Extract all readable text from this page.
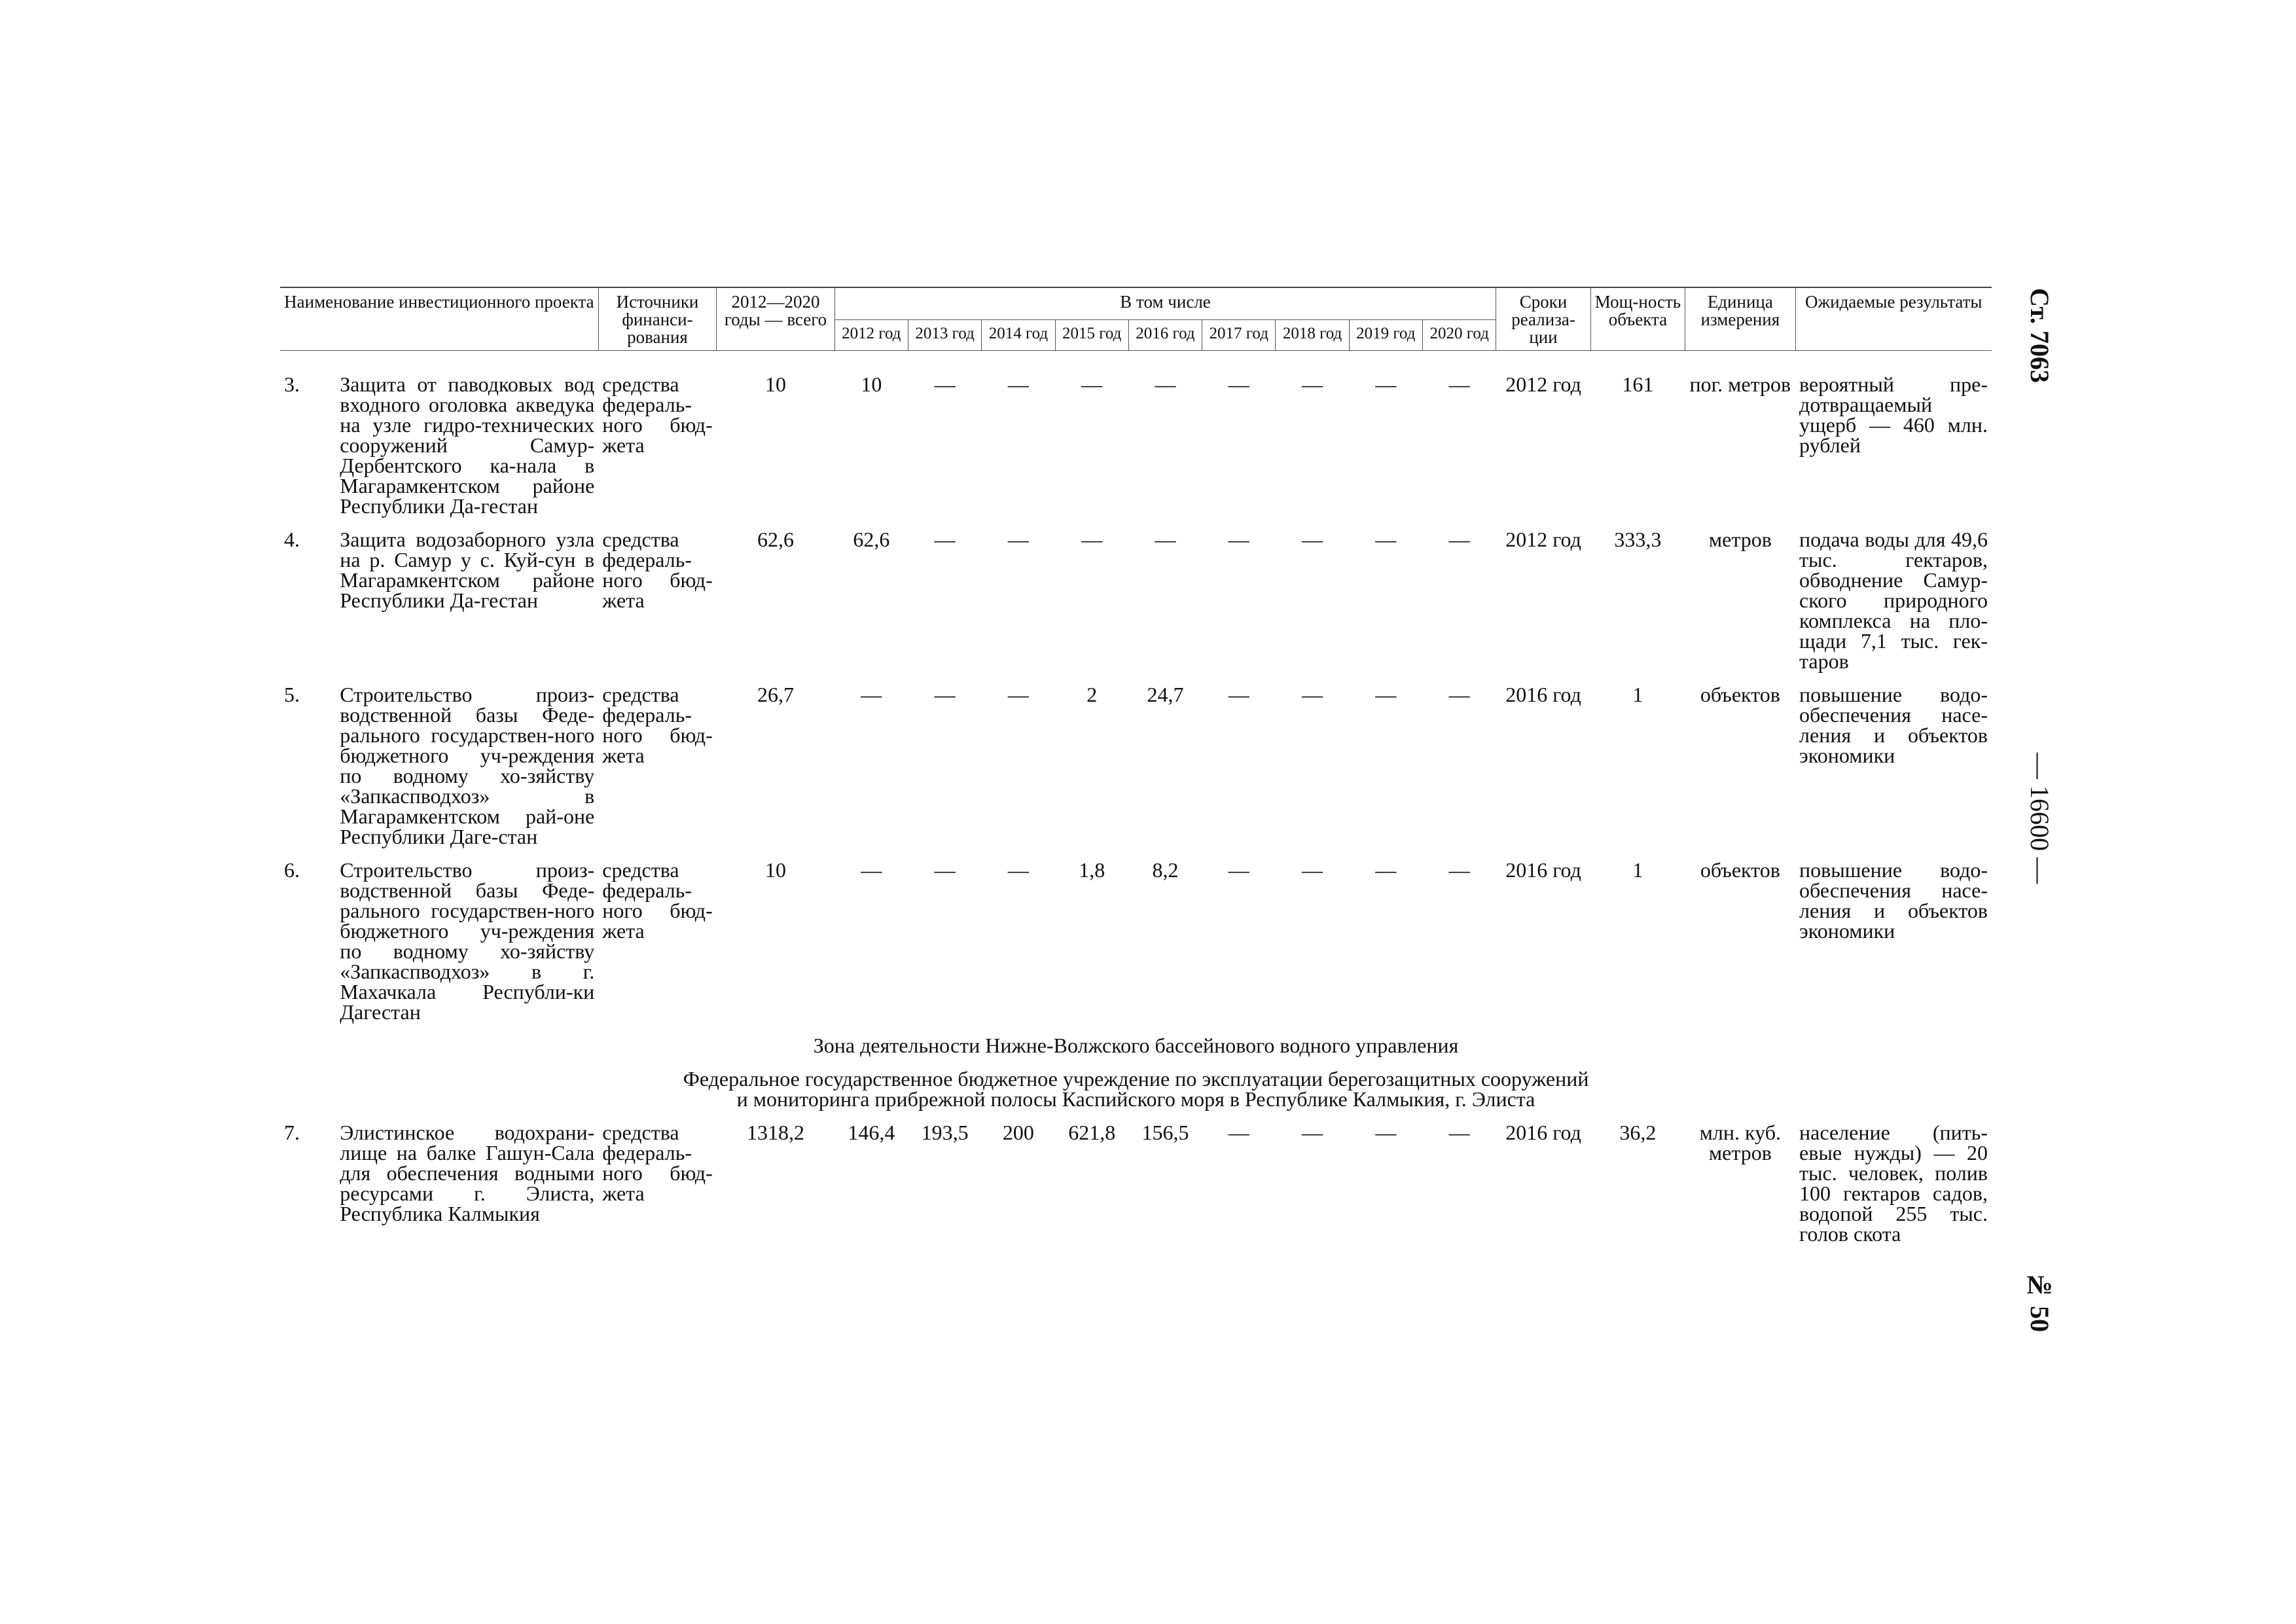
Ст. 7063
— 16600 —
№ 50
Наименование инвестиционного проекта		Источники финанси-рования	2012—2020 годы — всего	В том числе									Сроки реализа-ции	Мощ-ность объекта	Единица измерения	Ожидаемые результаты
				2012 год	2013 год	2014 год	2015 год	2016 год	2017 год	2018 год	2019 год	2020 год				
3.	Защита от паводковых вод входного оголовка акведука на узле гидро-технических сооружений Самур-Дербентского ка-нала в Магарамкентском районе Республики Да-гестан	средства федераль-ного бюд-жета	10	10	—	—	—	—	—	—	—	—	2012 год	161	пог. метров	вероятный пре-дотвращаемый ущерб — 460 млн. рублей
4.	Защита водозаборного узла на р. Самур у с. Куй-сун в Магарамкентском районе Республики Да-гестан	средства федераль-ного бюд-жета	62,6	62,6	—	—	—	—	—	—	—	—	2012 год	333,3	метров	подача воды для 49,6 тыс. гектаров, обводнение Самур-ского природного комплекса на пло-щади 7,1 тыс. гек-таров
5.	Строительство произ-водственной базы Феде-рального государствен-ного бюджетного уч-реждения по водному хо-зяйству «Запкаспводхоз» в Магарамкентском рай-оне Республики Даге-стан	средства федераль-ного бюд-жета	26,7	—	—	—	2	24,7	—	—	—	—	2016 год	1	объектов	повышение водо-обеспечения насе-ления и объектов экономики
6.	Строительство произ-водственной базы Феде-рального государствен-ного бюджетного уч-реждения по водному хо-зяйству «Запкаспводхоз» в г. Махачкала Республи-ки Дагестан	средства федераль-ного бюд-жета	10	—	—	—	1,8	8,2	—	—	—	—	2016 год	1	объектов	повышение водо-обеспечения насе-ления и объектов экономики
Зона деятельности Нижне-Волжского бассейнового водного управления																

Федеральное государственное бюджетное учреждение по эксплуатации берегозащитных сооружений
и мониторинга прибрежной полосы Каспийского моря в Республике Калмыкия, г. Элиста																

7.	Элистинское водохрани-лище на балке Гашун-Сала для обеспечения водными ресурсами г. Элиста, Республика Калмыкия	средства федераль-ного бюд-жета	1318,2	146,4	193,5	200	621,8	156,5	—	—	—	—	2016 год	36,2	млн. куб. метров	население (пить-евые нужды) — 20 тыс. человек, полив 100 гектаров садов, водопой 255 тыс. голов скота
